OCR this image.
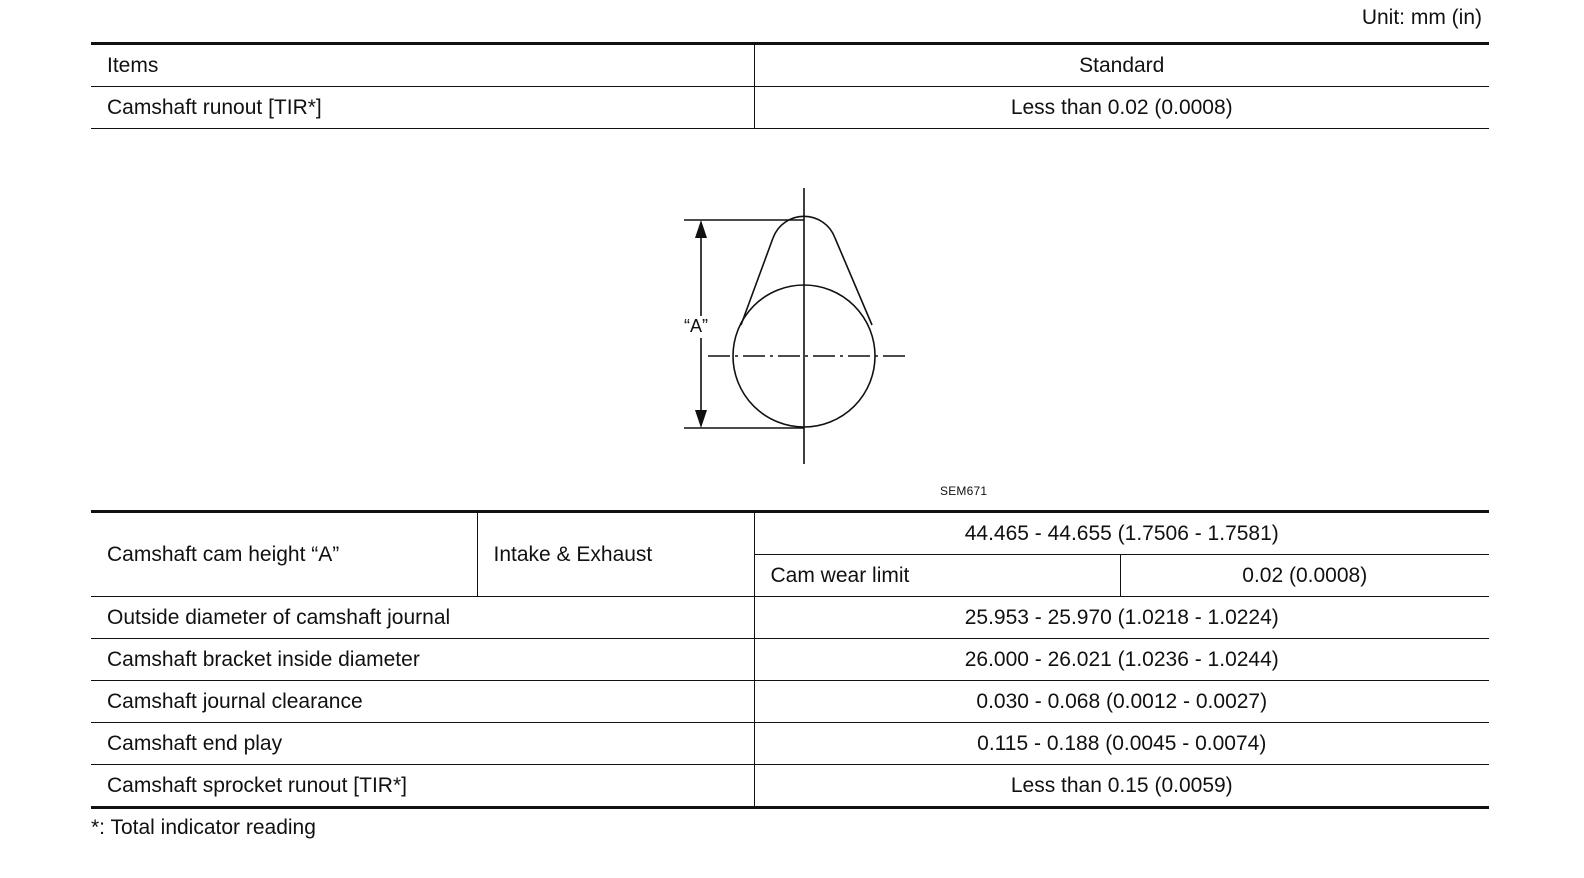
Unit: mm (in)
Items	Standard
Camshaft runout [TIR*]	Less than 0.02 (0.0008)
“A”
SEM671
Camshaft cam height “A”	Intake & Exhaust	44.465 - 44.655 (1.7506 - 1.7581)	
		Cam wear limit	0.02 (0.0008)
Outside diameter of camshaft journal		25.953 - 25.970 (1.0218 - 1.0224)	
Camshaft bracket inside diameter		26.000 - 26.021 (1.0236 - 1.0244)	
Camshaft journal clearance		0.030 - 0.068 (0.0012 - 0.0027)	
Camshaft end play		0.115 - 0.188 (0.0045 - 0.0074)	
Camshaft sprocket runout [TIR*]		Less than 0.15 (0.0059)	
*: Total indicator reading
